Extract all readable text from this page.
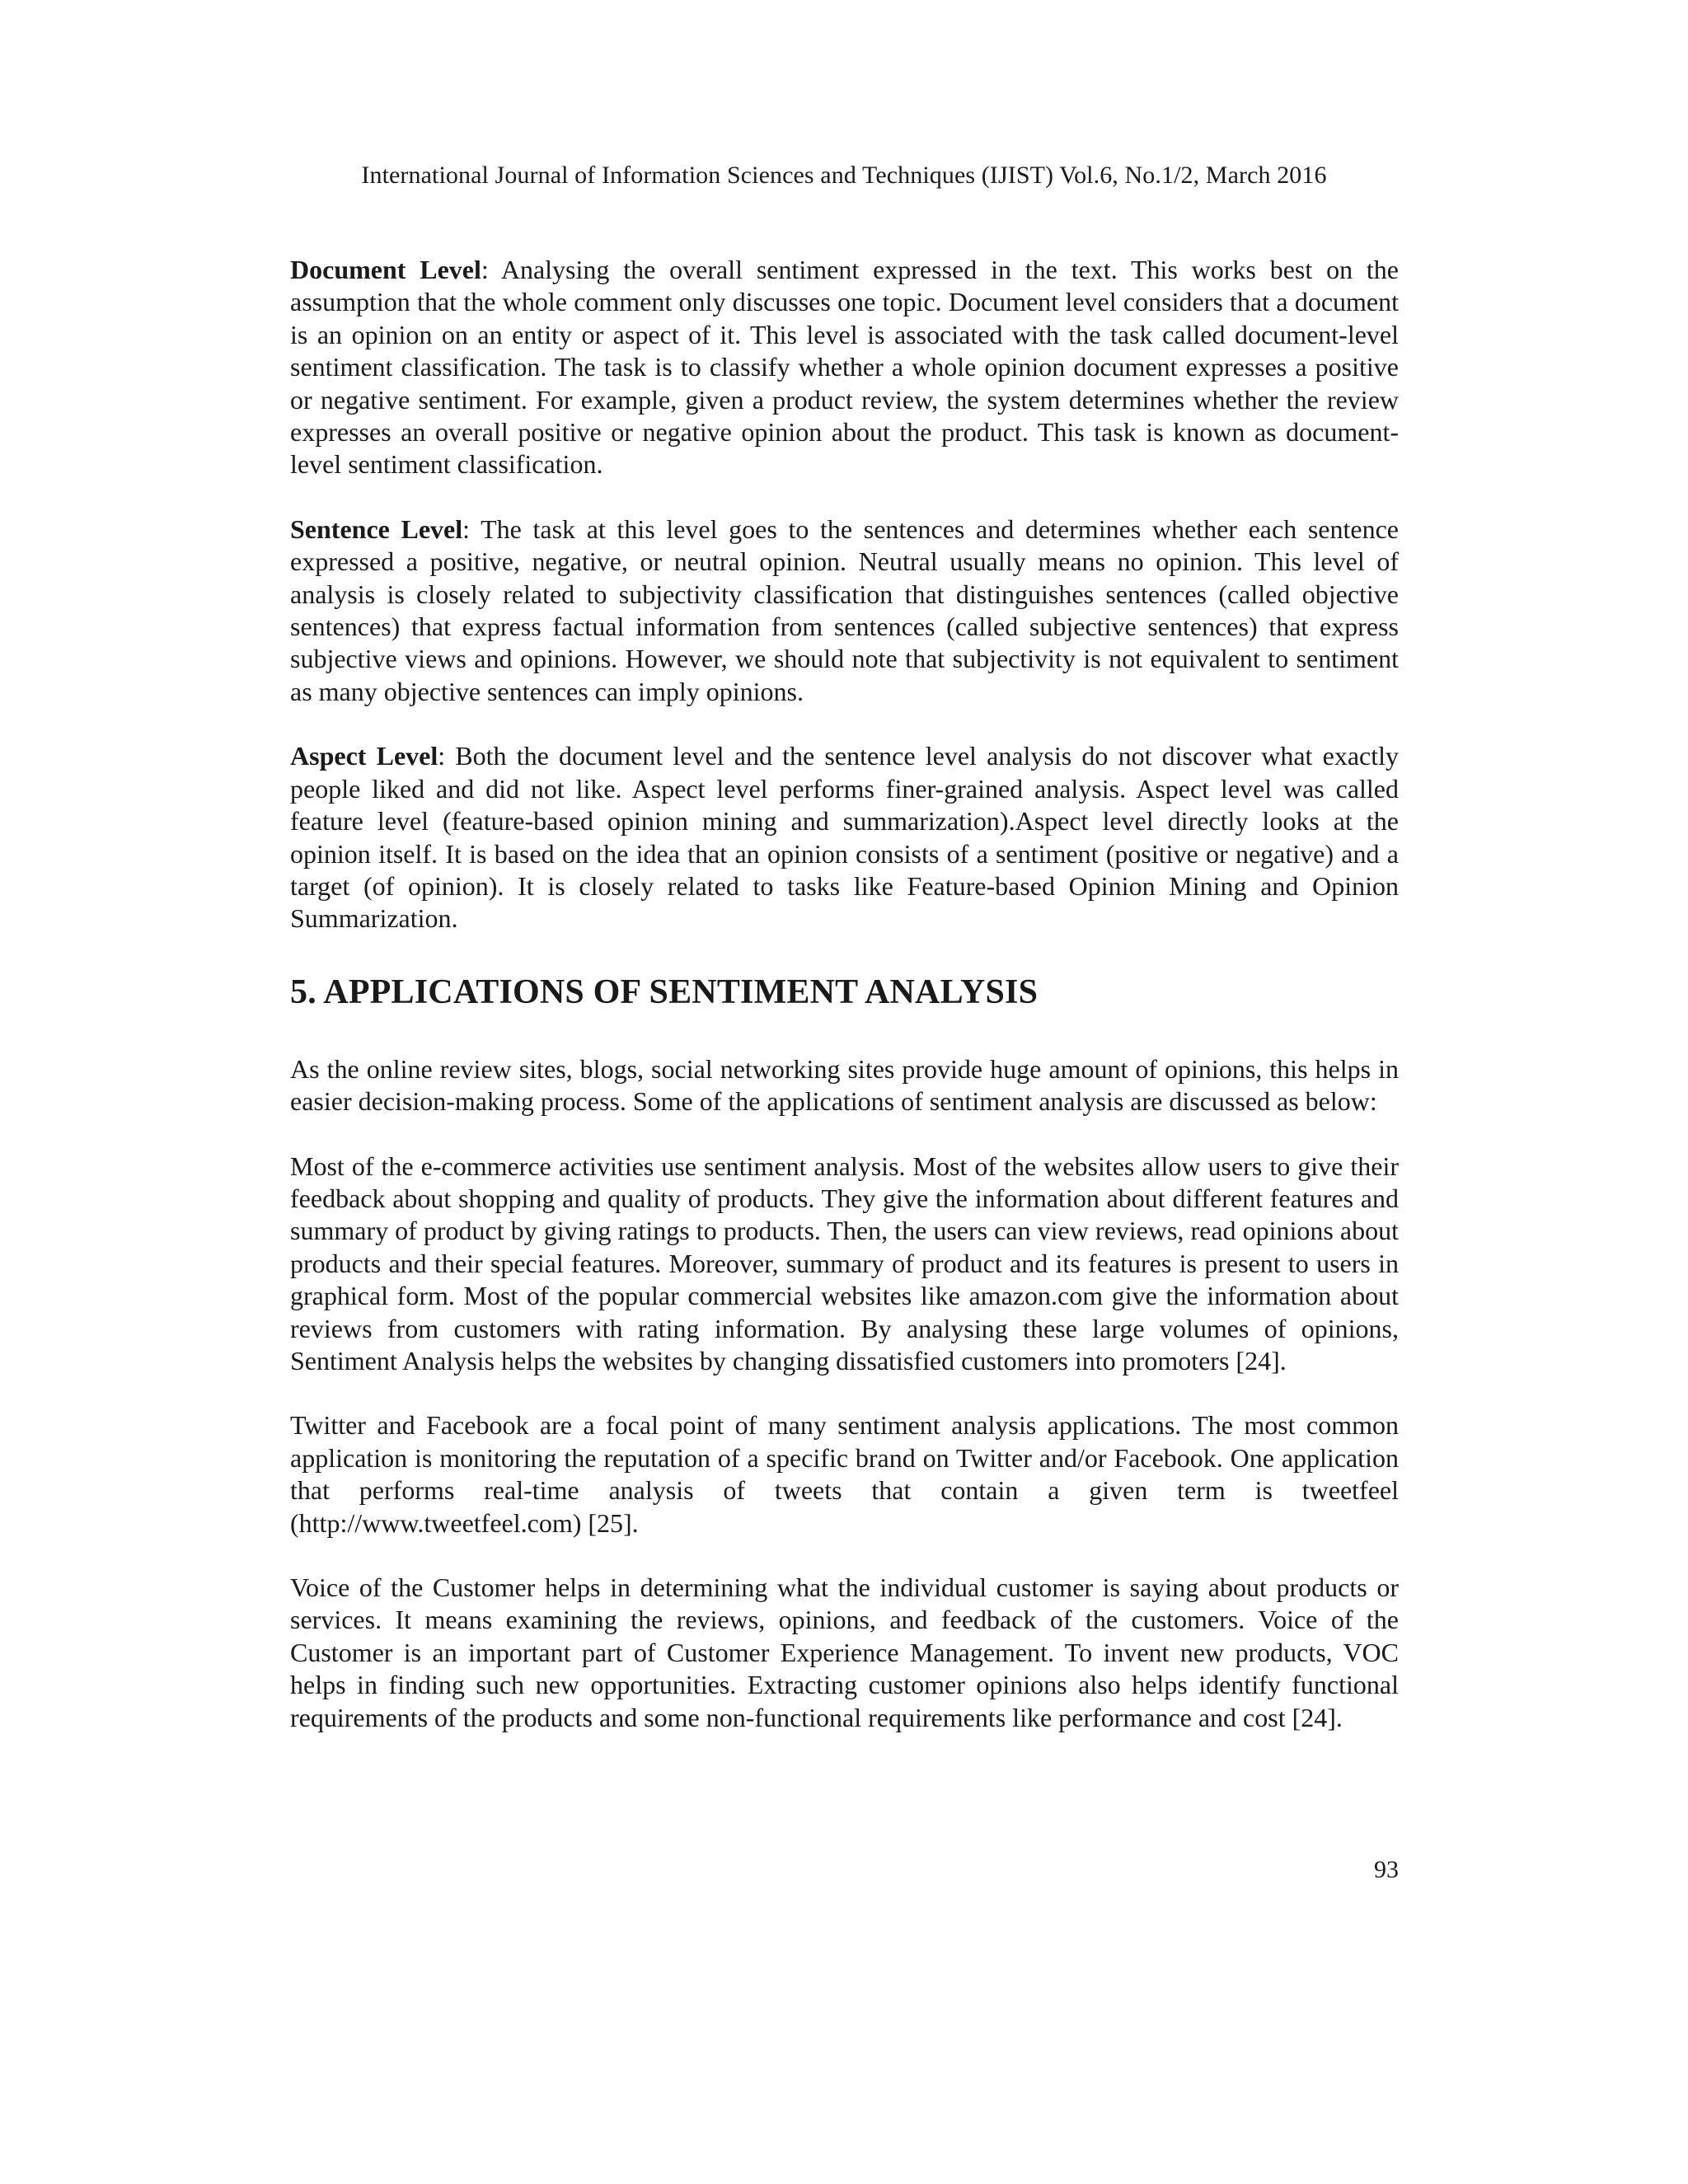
International Journal of Information Sciences and Techniques (IJIST) Vol.6, No.1/2, March 2016

Document Level: Analysing the overall sentiment expressed in the text. This works best on the assumption that the whole comment only discusses one topic. Document level considers that a document is an opinion on an entity or aspect of it. This level is associated with the task called document-level sentiment classification. The task is to classify whether a whole opinion document expresses a positive or negative sentiment. For example, given a product review, the system determines whether the review expresses an overall positive or negative opinion about the product. This task is known as document-level sentiment classification.

Sentence Level: The task at this level goes to the sentences and determines whether each sentence expressed a positive, negative, or neutral opinion. Neutral usually means no opinion. This level of analysis is closely related to subjectivity classification that distinguishes sentences (called objective sentences) that express factual information from sentences (called subjective sentences) that express subjective views and opinions. However, we should note that subjectivity is not equivalent to sentiment as many objective sentences can imply opinions.

Aspect Level: Both the document level and the sentence level analysis do not discover what exactly people liked and did not like. Aspect level performs finer-grained analysis. Aspect level was called feature level (feature-based opinion mining and summarization).Aspect level directly looks at the opinion itself. It is based on the idea that an opinion consists of a sentiment (positive or negative) and a target (of opinion). It is closely related to tasks like Feature-based Opinion Mining and Opinion Summarization.

5. APPLICATIONS OF SENTIMENT ANALYSIS

As the online review sites, blogs, social networking sites provide huge amount of opinions, this helps in easier decision-making process. Some of the applications of sentiment analysis are discussed as below:

Most of the e-commerce activities use sentiment analysis. Most of the websites allow users to give their feedback about shopping and quality of products. They give the information about different features and summary of product by giving ratings to products. Then, the users can view reviews, read opinions about products and their special features. Moreover, summary of product and its features is present to users in graphical form. Most of the popular commercial websites like amazon.com give the information about reviews from customers with rating information. By analysing these large volumes of opinions, Sentiment Analysis helps the websites by changing dissatisfied customers into promoters [24].

Twitter and Facebook are a focal point of many sentiment analysis applications. The most common application is monitoring the reputation of a specific brand on Twitter and/or Facebook. One application that performs real-time analysis of tweets that contain a given term is tweetfeel (http://www.tweetfeel.com) [25].

Voice of the Customer helps in determining what the individual customer is saying about products or services. It means examining the reviews, opinions, and feedback of the customers. Voice of the Customer is an important part of Customer Experience Management. To invent new products, VOC helps in finding such new opportunities. Extracting customer opinions also helps identify functional requirements of the products and some non-functional requirements like performance and cost [24].

93
